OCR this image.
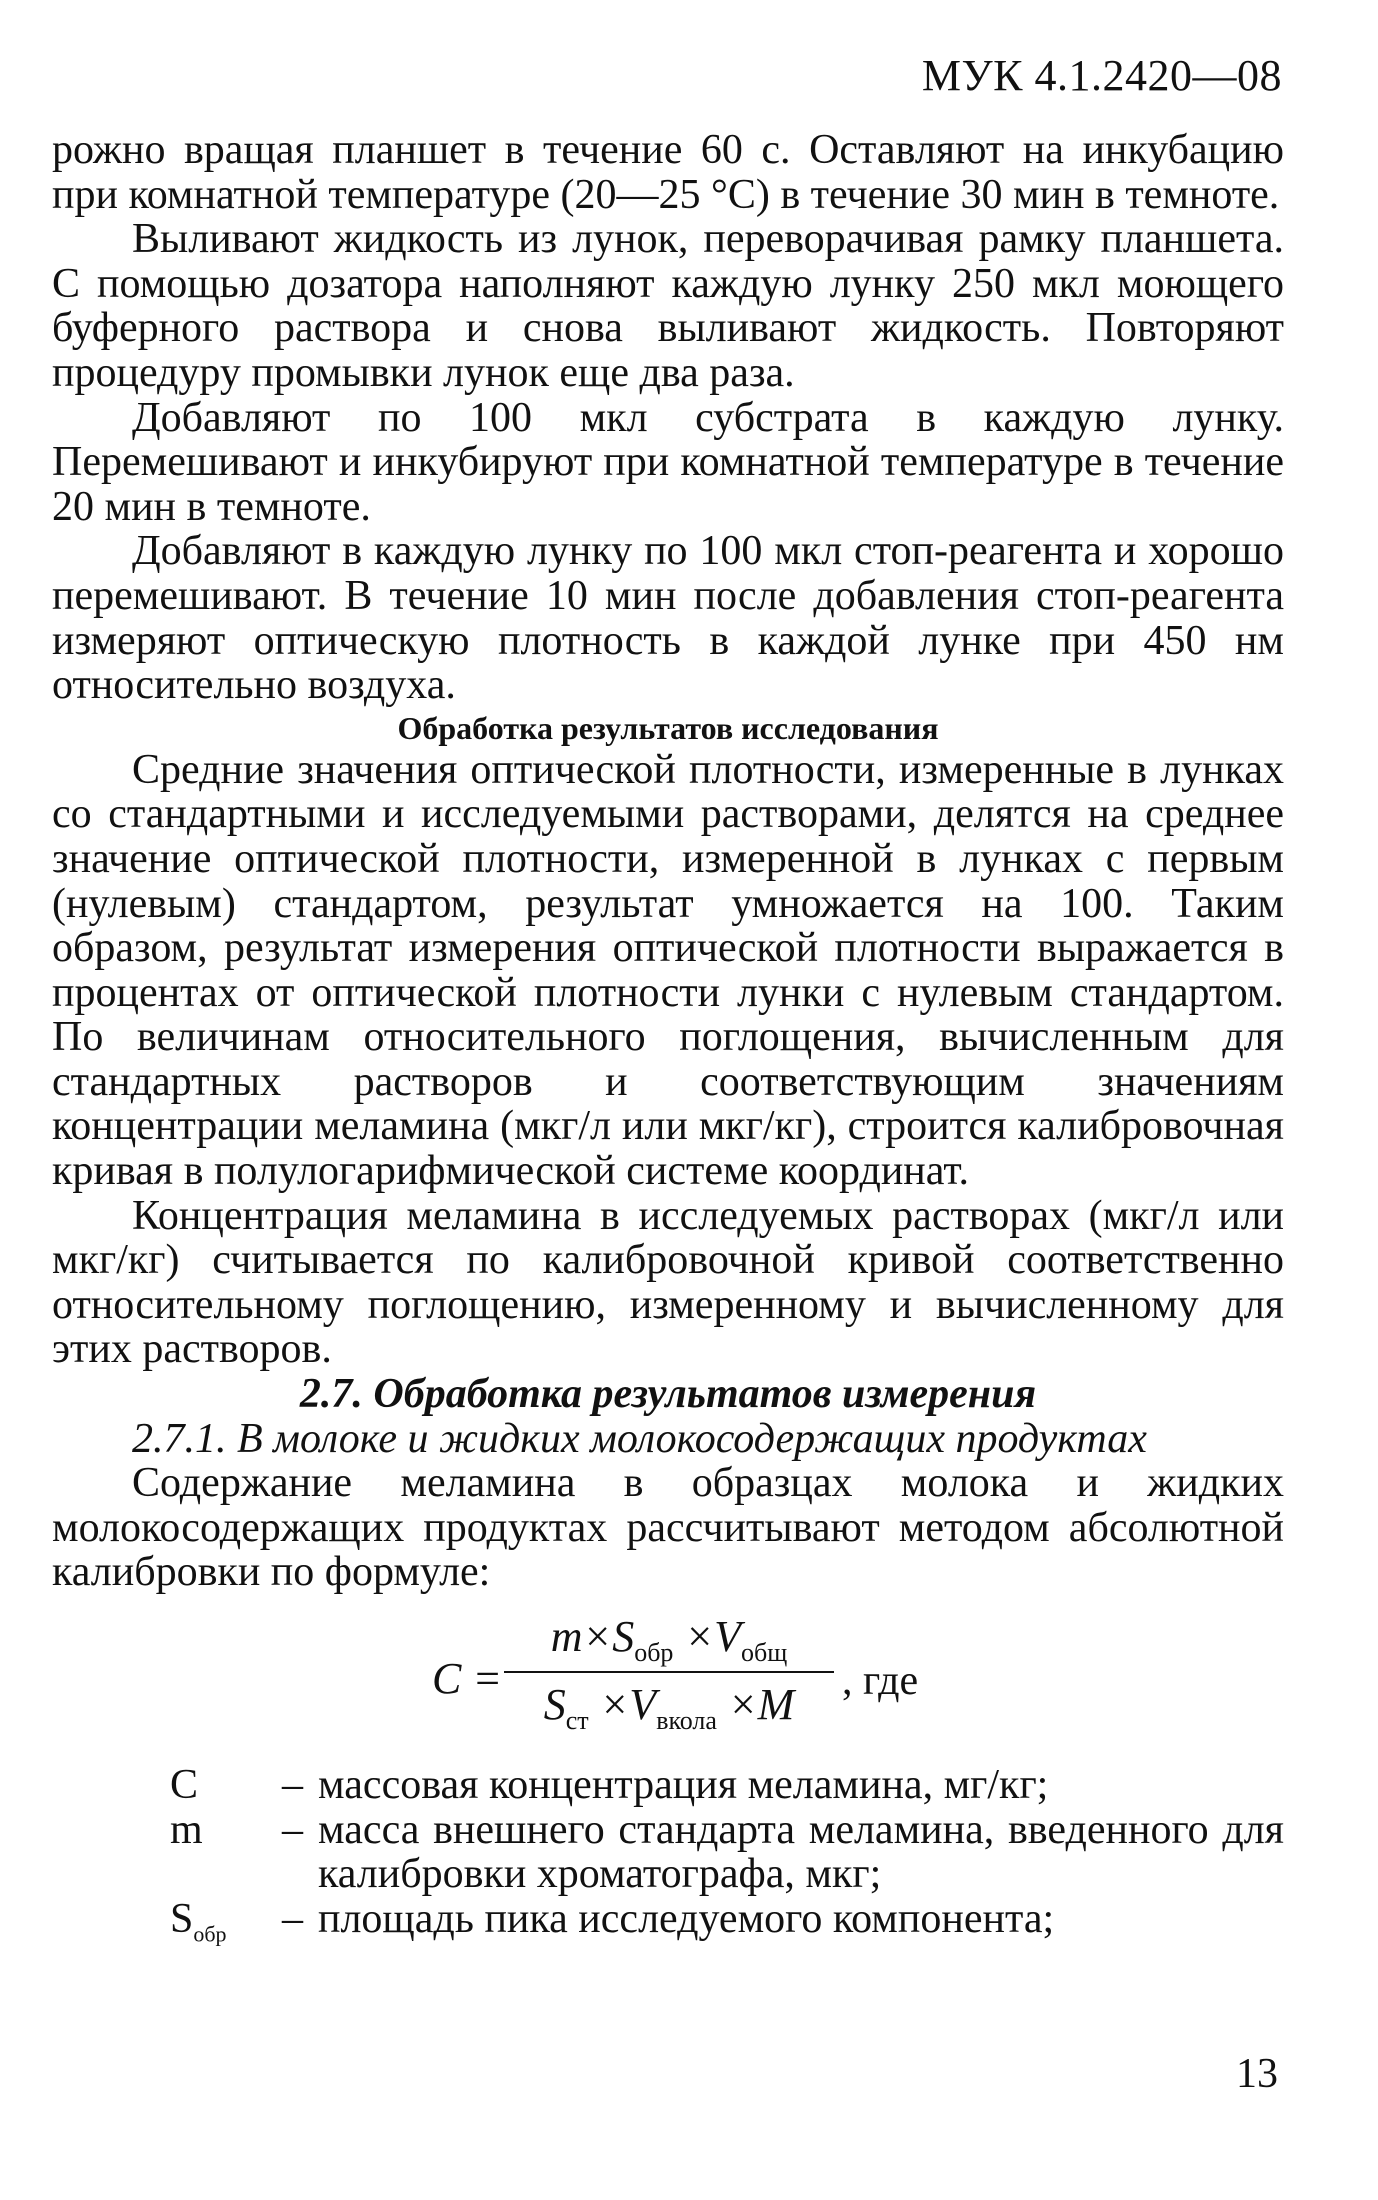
МУК 4.1.2420—08

рожно вращая планшет в течение 60 с. Оставляют на инкубацию при комнатной температуре (20—25 °С) в течение 30 мин в темноте.

Выливают жидкость из лунок, переворачивая рамку планшета. С помощью дозатора наполняют каждую лунку 250 мкл моющего буферного раствора и снова выливают жидкость. Повторяют процедуру промывки лунок еще два раза.

Добавляют по 100 мкл субстрата в каждую лунку. Перемешивают и инкубируют при комнатной температуре в течение 20 мин в темноте.

Добавляют в каждую лунку по 100 мкл стоп-реагента и хорошо перемешивают. В течение 10 мин после добавления стоп-реагента измеряют оптическую плотность в каждой лунке при 450 нм относительно воздуха.

Обработка результатов исследования

Средние значения оптической плотности, измеренные в лунках со стандартными и исследуемыми растворами, делятся на среднее значение оптической плотности, измеренной в лунках с первым (нулевым) стандартом, результат умножается на 100. Таким образом, результат измерения оптической плотности выражается в процентах от оптической плотности лунки с нулевым стандартом. По величинам относительного поглощения, вычисленным для стандартных растворов и соответствующим значениям концентрации меламина (мкг/л или мкг/кг), строится калибровочная кривая в полулогарифмической системе координат.

Концентрация меламина в исследуемых растворах (мкг/л или мкг/кг) считывается по калибровочной кривой соответственно относительному поглощению, измеренному и вычисленному для этих растворов.

2.7. Обработка результатов измерения

2.7.1. В молоке и жидких молокосодержащих продуктах

Содержание меламина в образцах молока и жидких молокосодержащих продуктах рассчитывают методом абсолютной калибровки по формуле:

C =
$m\times S_{обр} \times V_{общ}$
$S_{ст} \times V_{вкола} \times M$	, где
C	– массовая концентрация меламина, мг/кг;
m	– масса внешнего стандарта меламина, введенного для калибровки хроматографа, мкг;
$S_{обр}$	– площадь пика исследуемого компонента;
13
